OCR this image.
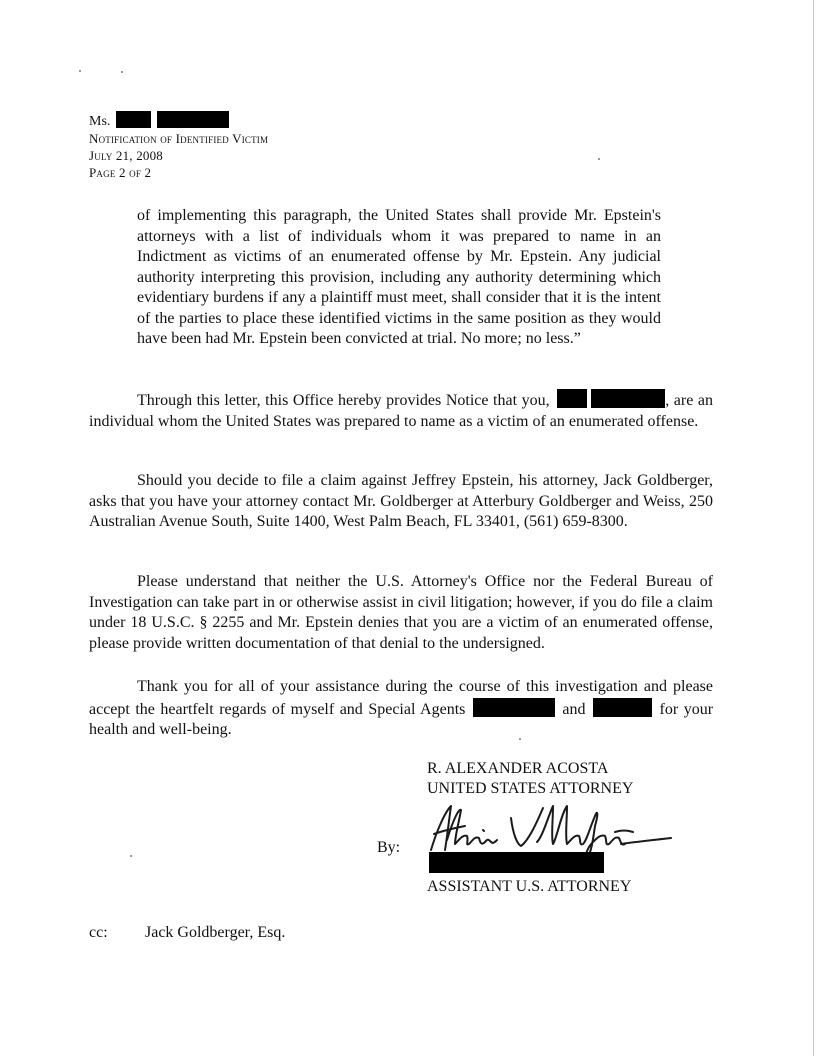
Ms.
Notification of Identified Victim
July 21, 2008
Page 2 of 2
of implementing this paragraph, the United States shall provide Mr. Epstein's attorneys with a list of individuals whom it was prepared to name in an Indictment as victims of an enumerated offense by Mr. Epstein. Any judicial authority interpreting this provision, including any authority determining which evidentiary burdens if any a plaintiff must meet, shall consider that it is the intent of the parties to place these identified victims in the same position as they would have been had Mr. Epstein been convicted at trial. No more; no less.”
Through this letter, this Office hereby provides Notice that you,	, are an individual whom the United States was prepared to name as a victim of an enumerated offense.
Should you decide to file a claim against Jeffrey Epstein, his attorney, Jack Goldberger, asks that you have your attorney contact Mr. Goldberger at Atterbury Goldberger and Weiss, 250 Australian Avenue South, Suite 1400, West Palm Beach, FL 33401, (561) 659-8300.
Please understand that neither the U.S. Attorney's Office nor the Federal Bureau of Investigation can take part in or otherwise assist in civil litigation; however, if you do file a claim under 18 U.S.C. § 2255 and Mr. Epstein denies that you are a victim of an enumerated offense, please provide written documentation of that denial to the undersigned.
Thank you for all of your assistance during the course of this investigation and please accept the heartfelt regards of myself and Special Agents	and	for your health and well-being.
R. ALEXANDER ACOSTA
UNITED STATES ATTORNEY
By:
ASSISTANT U.S. ATTORNEY
cc: Jack Goldberger, Esq.
